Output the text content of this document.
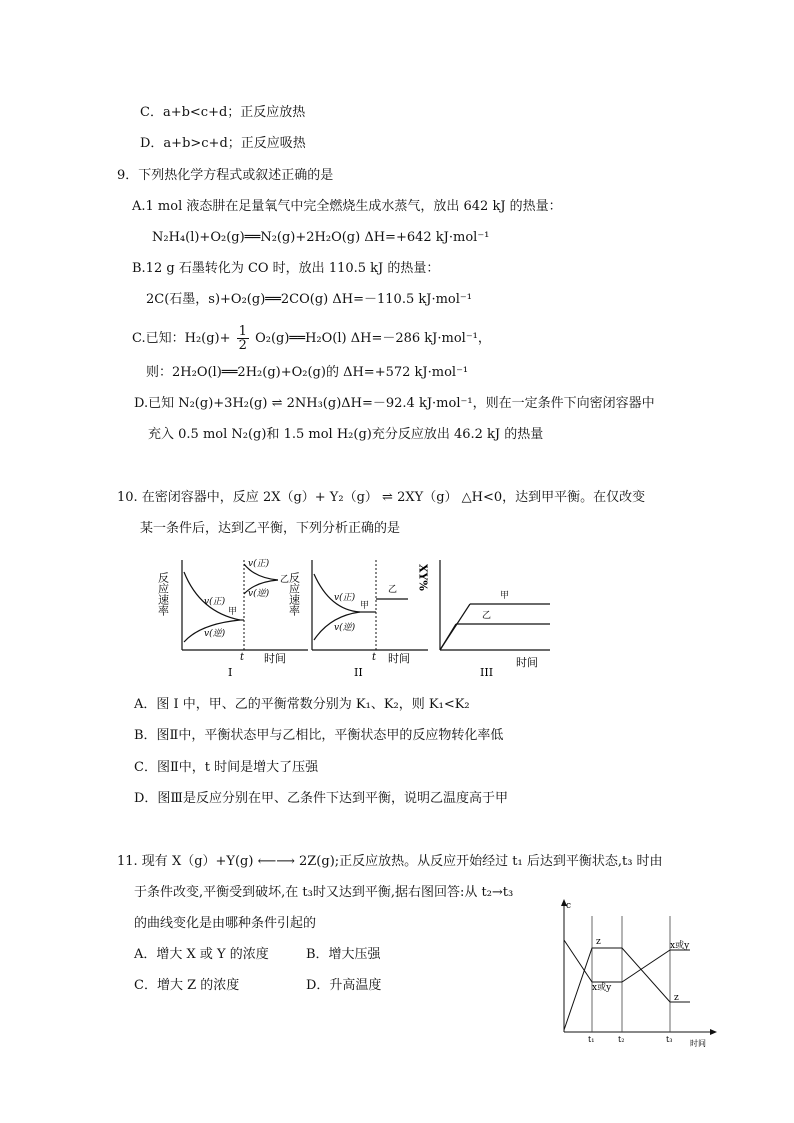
C．a+b<c+d；正反应放热
D．a+b>c+d；正反应吸热
9．下列热化学方程式或叙述正确的是
A.1 mol 液态肼在足量氧气中完全燃烧生成水蒸气，放出 642 kJ 的热量：
N₂H₄(l)+O₂(g)══N₂(g)+2H₂O(g) ΔH=+642 kJ·mol⁻¹
B.12 g 石墨转化为 CO 时，放出 110.5 kJ 的热量：
2C(石墨，s)+O₂(g)══2CO(g) ΔH=－110.5 kJ·mol⁻¹
C.已知：$H_2(g)+ \frac{1}{2}$ O₂(g)══H₂O(l) ΔH=－286 kJ·mol⁻¹，
则：2H₂O(l)══2H₂(g)+O₂(g)的 ΔH=+572 kJ·mol⁻¹
D.已知 N₂(g)+3H₂(g) ⇌ 2NH₃(g)ΔH=－92.4 kJ·mol⁻¹，则在一定条件下向密闭容器中
充入 0.5 mol N₂(g)和 1.5 mol H₂(g)充分反应放出 46.2 kJ 的热量
10. 在密闭容器中，反应 2X（g）+ Y₂（g） ⇌ 2XY（g） △H<0，达到甲平衡。在仅改变
某一条件后，达到乙平衡，下列分析正确的是
反应速率	v(正)
v(逆)
甲
v(正)
v(逆)
乙
t 时间
I
反应速率	v(正)
v(逆)
甲
乙
t 时间
II
XY%
甲
乙
时间
III
A．图 I 中，甲、乙的平衡常数分别为 K₁、K₂，则 K₁<K₂
B．图Ⅱ中，平衡状态甲与乙相比，平衡状态甲的反应物转化率低
C．图Ⅱ中，t 时间是增大了压强
D．图Ⅲ是反应分别在甲、乙条件下达到平衡，说明乙温度高于甲
11. 现有 X（g）+Y(g) ⟵⟶ 2Z(g);正反应放热。从反应开始经过 t₁ 后达到平衡状态,t₃ 时由
于条件改变,平衡受到破坏,在 t₃时又达到平衡,据右图回答:从 t₂→t₃
的曲线变化是由哪种条件引起的
A．增大 X 或 Y 的浓度	B．增大压强
C．增大 Z 的浓度	D．升高温度
c
z
x或y
x或y
z
t₁	t₂	t₃ 时间
